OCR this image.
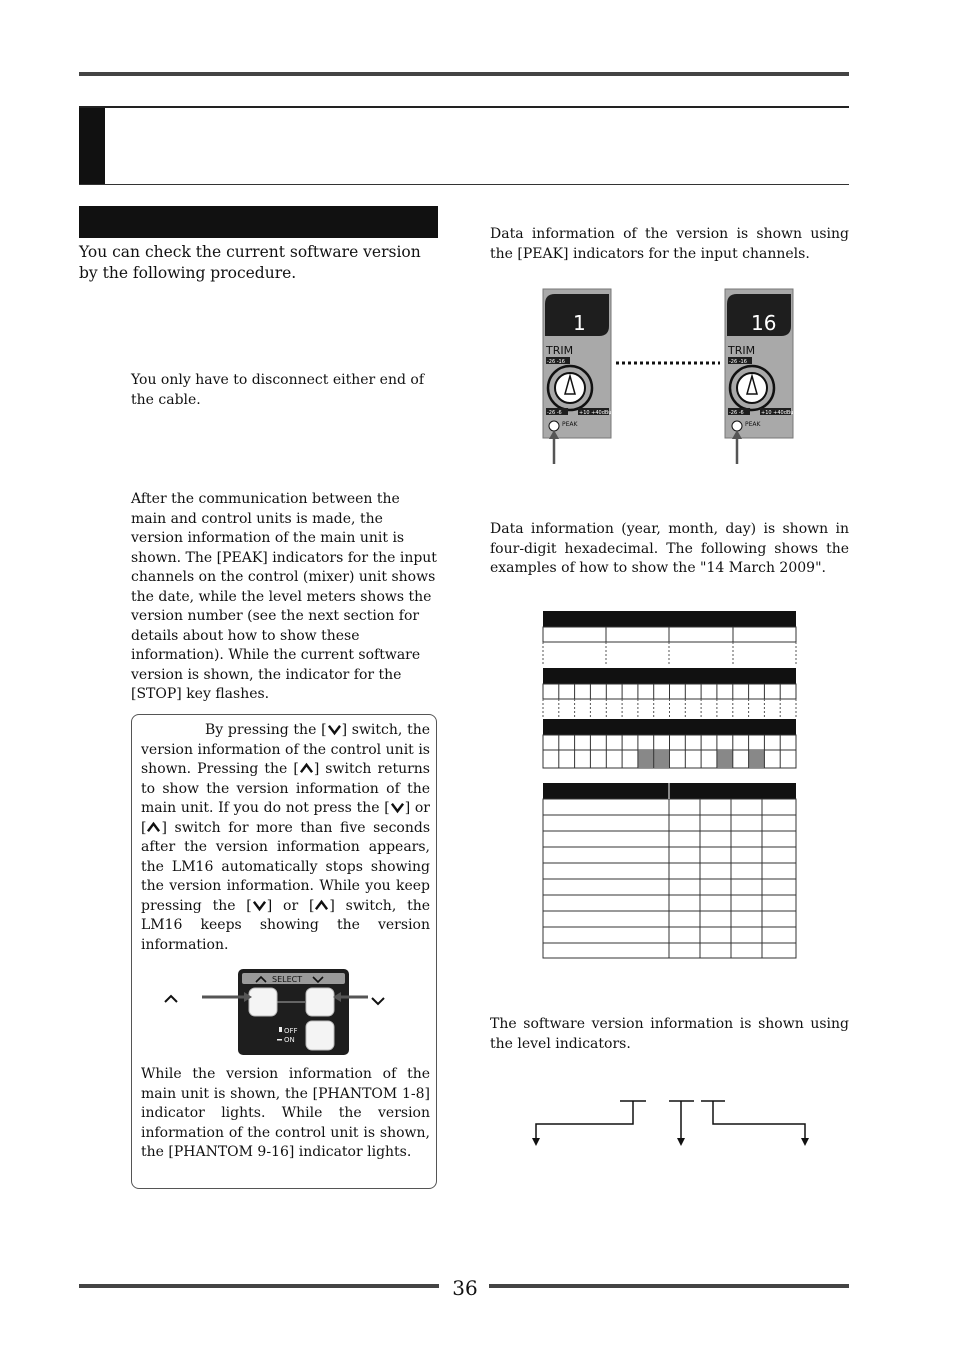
You can check the current software version by the following procedure.

You only have to disconnect either end of the cable.

After the communication between the main and control units is made, the version information of the main unit is shown. The [PEAK] indicators for the input channels on the control (mixer) unit shows the date, while the level meters shows the version number (see the next section for details about how to show these information). While the current software version is shown, the indicator for the [STOP] key flashes.

By pressing the [ ] switch, the version information of the control unit is shown. Pressing the [ ] switch returns to show the version information of the main unit. If you do not press the [ ] or [ ] switch for more than five seconds after the version information appears, the LM16 automatically stops showing the version information. While you keep pressing the [ ] or [ ] switch, the LM16 keeps showing the version information.

SELECT
OFF
ON

While the version information of the main unit is shown, the [PHANTOM 1-8] indicator lights. While the version information of the control unit is shown, the [PHANTOM 9-16] indicator lights.

Data information of the version is shown using the [PEAK] indicators for the input channels.

1
TRIM
-26 -16
-26 -6	+10 +40dBu
PEAK
16
TRIM
-26 -16
-26 -6	+10 +40dBu
PEAK

Data information (year, month, day) is shown in four-digit hexadecimal. The following shows the examples of how to show the "14 March 2009".

The software version information is shown using the level indicators.

36
